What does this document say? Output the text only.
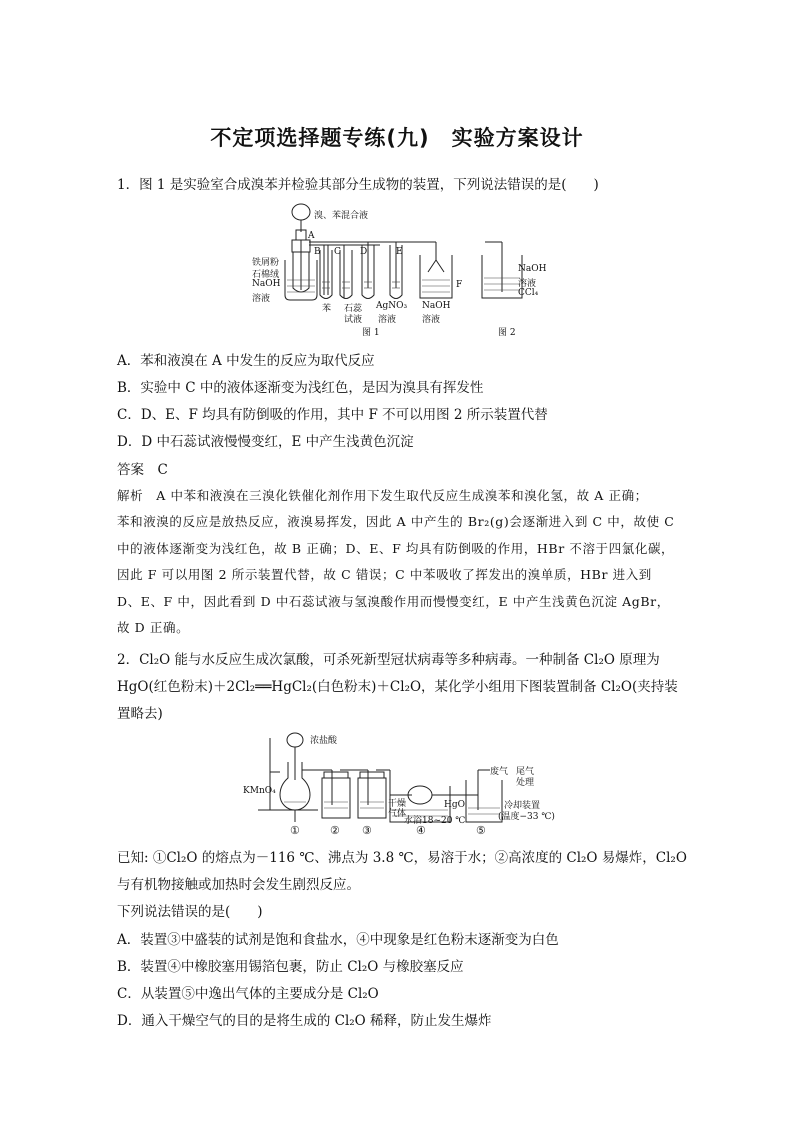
不定项选择题专练(九)　实验方案设计
1．图 1 是实验室合成溴苯并检验其部分生成物的装置，下列说法错误的是(　　)
溴、苯混合液
A
铁屑粉
石棉绒
NaOH
溶液
B C D	E
F
苯 石蕊
试液
AgNO₃
溶液
NaOH
溶液
NaOH
溶液
CCl₄
图 1	图 2
A．苯和液溴在 A 中发生的反应为取代反应
B．实验中 C 中的液体逐渐变为浅红色，是因为溴具有挥发性
C．D、E、F 均具有防倒吸的作用，其中 F 不可以用图 2 所示装置代替
D．D 中石蕊试液慢慢变红，E 中产生浅黄色沉淀
答案　C
解析　A 中苯和液溴在三溴化铁催化剂作用下发生取代反应生成溴苯和溴化氢，故 A 正确；
苯和液溴的反应是放热反应，液溴易挥发，因此 A 中产生的 Br₂(g)会逐渐进入到 C 中，故使 C
中的液体逐渐变为浅红色，故 B 正确；D、E、F 均具有防倒吸的作用，HBr 不溶于四氯化碳，
因此 F 可以用图 2 所示装置代替，故 C 错误；C 中苯吸收了挥发出的溴单质，HBr 进入到
D、E、F 中，因此看到 D 中石蕊试液与氢溴酸作用而慢慢变红，E 中产生浅黄色沉淀 AgBr，
故 D 正确。
2．Cl₂O 能与水反应生成次氯酸，可杀死新型冠状病毒等多种病毒。一种制备 Cl₂O 原理为
HgO(红色粉末)＋2Cl₂══HgCl₂(白色粉末)＋Cl₂O，某化学小组用下图装置制备 Cl₂O(夹持装
置略去)
浓盐酸
KMnO₄
干燥
气体
水浴18~20 ℃
HgO
废气 尾气
处理
冷却装置
(温度−33 ℃)
①	② ③	④	⑤
已知: ①Cl₂O 的熔点为－116 ℃、沸点为 3.8 ℃，易溶于水；②高浓度的 Cl₂O 易爆炸，Cl₂O
与有机物接触或加热时会发生剧烈反应。
下列说法错误的是(　　)
A．装置③中盛装的试剂是饱和食盐水，④中现象是红色粉末逐渐变为白色
B．装置④中橡胶塞用锡箔包裹，防止 Cl₂O 与橡胶塞反应
C．从装置⑤中逸出气体的主要成分是 Cl₂O
D．通入干燥空气的目的是将生成的 Cl₂O 稀释，防止发生爆炸
